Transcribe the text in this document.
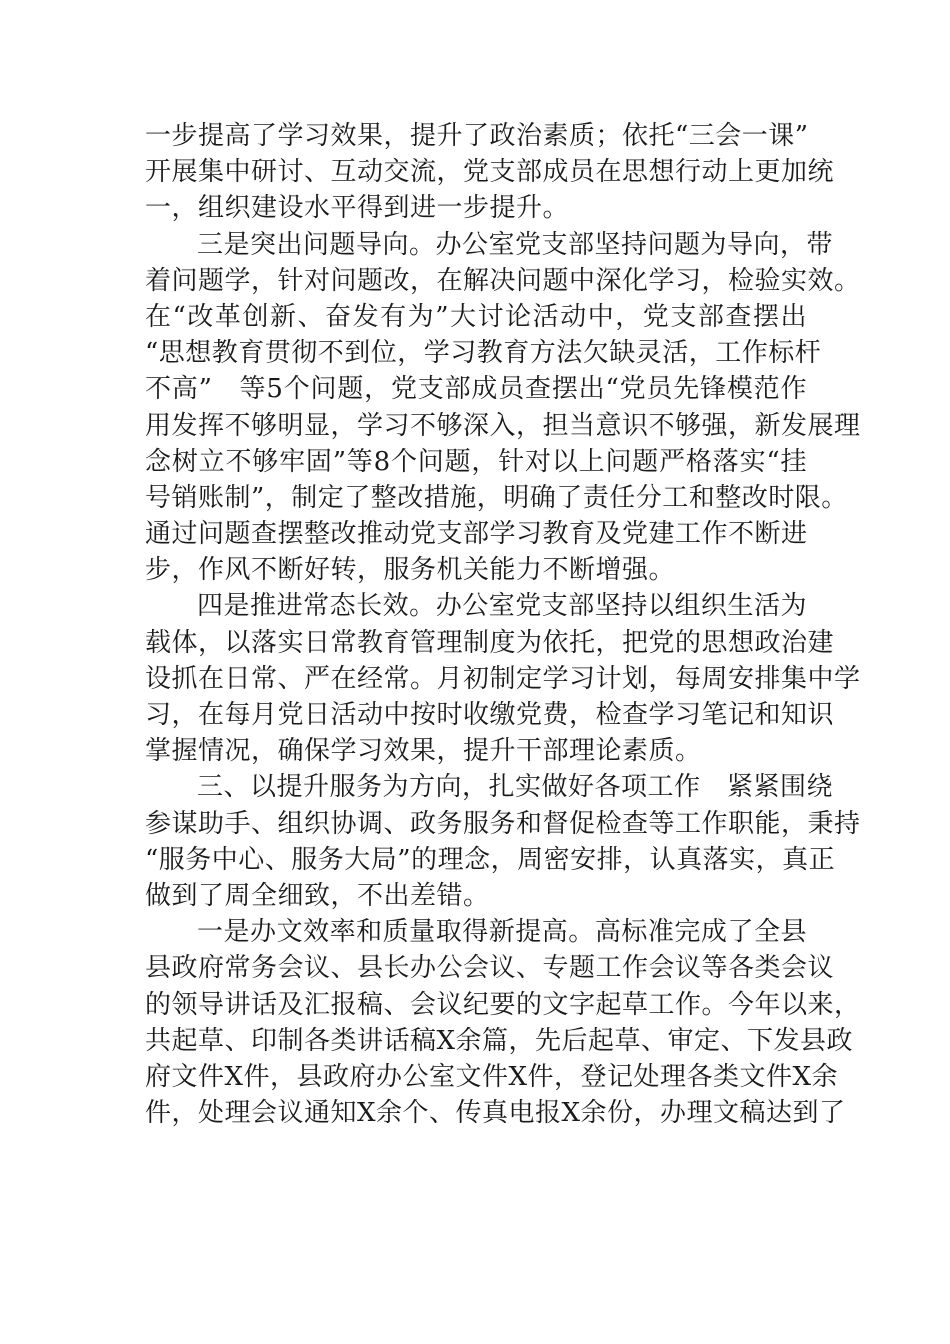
一步提高了学习效果，提升了政治素质；依托“三会一课”
开展集中研讨、互动交流，党支部成员在思想行动上更加统
一，组织建设水平得到进一步提升。
三是突出问题导向。办公室党支部坚持问题为导向，带
着问题学，针对问题改，在解决问题中深化学习，检验实效。
在“改革创新、奋发有为”大讨论活动中，党支部查摆出
“思想教育贯彻不到位，学习教育方法欠缺灵活，工作标杆
不高”　等5个问题，党支部成员查摆出“党员先锋模范作
用发挥不够明显，学习不够深入，担当意识不够强，新发展理
念树立不够牢固”等8个问题，针对以上问题严格落实“挂
号销账制”，制定了整改措施，明确了责任分工和整改时限。
通过问题查摆整改推动党支部学习教育及党建工作不断进
步，作风不断好转，服务机关能力不断增强。
四是推进常态长效。办公室党支部坚持以组织生活为
载体，以落实日常教育管理制度为依托，把党的思想政治建
设抓在日常、严在经常。月初制定学习计划，每周安排集中学
习，在每月党日活动中按时收缴党费，检查学习笔记和知识
掌握情况，确保学习效果，提升干部理论素质。
三、以提升服务为方向，扎实做好各项工作　紧紧围绕
参谋助手、组织协调、政务服务和督促检查等工作职能，秉持
“服务中心、服务大局”的理念，周密安排，认真落实，真正
做到了周全细致，不出差错。
一是办文效率和质量取得新提高。高标准完成了全县
县政府常务会议、县长办公会议、专题工作会议等各类会议
的领导讲话及汇报稿、会议纪要的文字起草工作。今年以来，
共起草、印制各类讲话稿X余篇，先后起草、审定、下发县政
府文件X件，县政府办公室文件X件，登记处理各类文件X余
件，处理会议通知X余个、传真电报X余份，办理文稿达到了
